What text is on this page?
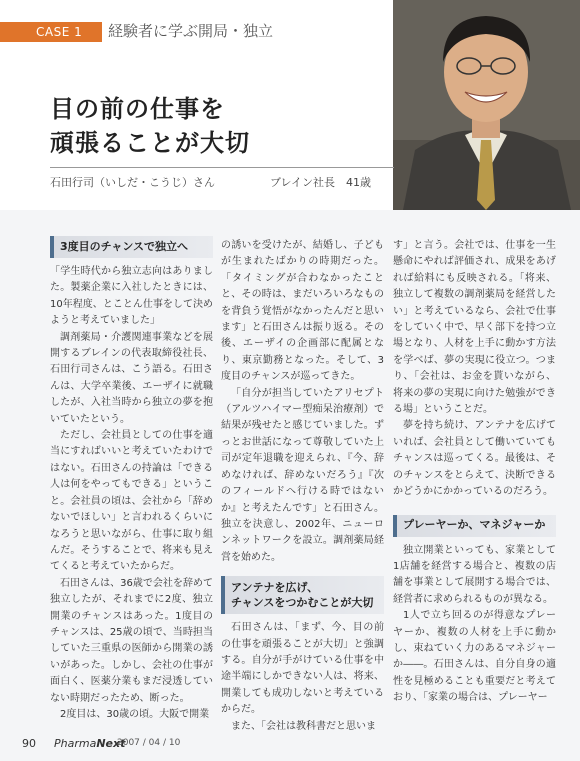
CASE 1	経験者に学ぶ開局・独立
目の前の仕事を
頑張ることが大切
石田行司（いしだ・こうじ）さん	ブレイン社長　41歳
3度目のチャンスで独立へ

「学生時代から独立志向はありました。製薬企業に入社したときには、10年程度、とことん仕事をして決めようと考えていました」

調剤薬局・介護関連事業などを展開するブレインの代表取締役社長、石田行司さんは、こう語る。石田さんは、大学卒業後、エーザイに就職したが、入社当時から独立の夢を抱いていたという。

ただし、会社員としての仕事を適当にすればいいと考えていたわけではない。石田さんの持論は「できる人は何をやってもできる」ということ。会社員の頃は、会社から「辞めないでほしい」と言われるくらいになろうと思いながら、仕事に取り組んだ。そうすることで、将来も見えてくると考えていたからだ。

石田さんは、36歳で会社を辞めて独立したが、それまでに2度、独立開業のチャンスはあった。1度目のチャンスは、25歳の頃で、当時担当していた三重県の医師から開業の誘いがあった。しかし、会社の仕事が面白く、医薬分業もまだ浸透していない時期だったため、断った。

2度目は、30歳の頃。大阪で開業

の誘いを受けたが、結婚し、子どもが生まれたばかりの時期だった。「タイミングが合わなかったことと、その時は、まだいろいろなものを背負う覚悟がなかったんだと思います」と石田さんは振り返る。その後、エーザイの企画部に配属となり、東京勤務となった。そして、3度目のチャンスが巡ってきた。

「自分が担当していたアリセプト（アルツハイマー型痴呆治療剤）で結果が残せたと感じていました。ずっとお世話になって尊敬していた上司が定年退職を迎えられ、『今、辞めなければ、辞めないだろう』『次のフィールドへ行ける時ではないか』と考えたんです」と石田さん。独立を決意し、2002年、ニューロンネットワークを設立。調剤薬局経営を始めた。

アンテナを広げ、
チャンスをつかむことが大切

石田さんは、「まず、今、目の前の仕事を頑張ることが大切」と強調する。自分が手がけている仕事を中途半端にしかできない人は、将来、開業しても成功しないと考えているからだ。

また、「会社は教科書だと思いま

す」と言う。会社では、仕事を一生懸命にやれば評価され、成果をあげれば給料にも反映される。「将来、独立して複数の調剤薬局を経営したい」と考えているなら、会社で仕事をしていく中で、早く部下を持つ立場となり、人材を上手に動かす方法を学べば、夢の実現に役立つ。つまり、「会社は、お金を貰いながら、将来の夢の実現に向けた勉強ができる場」ということだ。

夢を持ち続け、アンテナを広げていれば、会社員として働いていてもチャンスは巡ってくる。最後は、そのチャンスをとらえて、決断できるかどうかにかかっているのだろう。

プレーヤーか、マネジャーか

独立開業といっても、家業として1店舗を経営する場合と、複数の店舗を事業として展開する場合では、経営者に求められるものが異なる。

1人で立ち回るのが得意なプレーヤーか、複数の人材を上手に動かし、束ねていく力のあるマネジャーか――。石田さんは、自分自身の適性を見極めることも重要だと考えており、「家業の場合は、プレーヤー

90 PharmaNext
2007 / 04 / 10
